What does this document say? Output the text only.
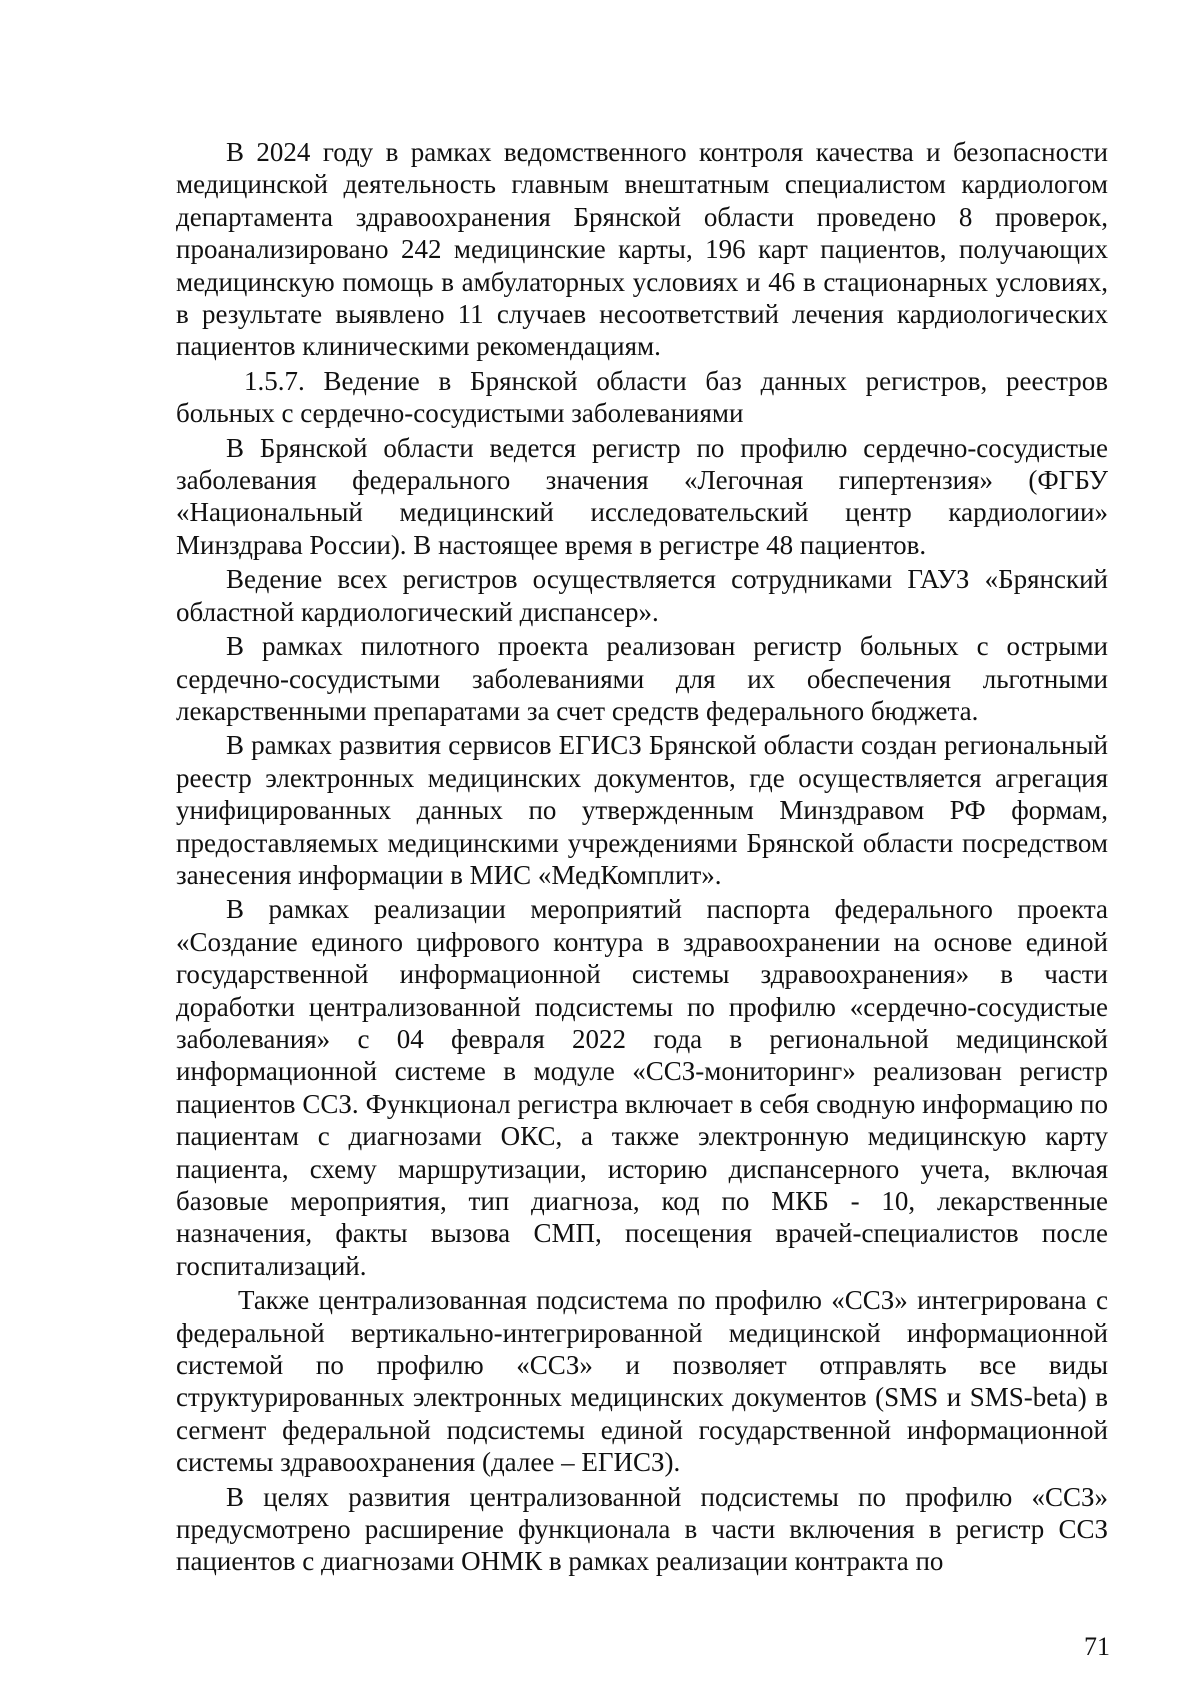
В 2024 году в рамках ведомственного контроля качества и безопасности медицинской деятельность главным внештатным специалистом кардиологом департамента здравоохранения Брянской области проведено 8 проверок, проанализировано 242 медицинские карты, 196 карт пациентов, получающих медицинскую помощь в амбулаторных условиях и 46 в стационарных условиях, в результате выявлено 11 случаев несоответствий лечения кардиологических пациентов клиническими рекомендациям.

1.5.7. Ведение в Брянской области баз данных регистров, реестров больных с сердечно-сосудистыми заболеваниями

В Брянской области ведется регистр по профилю сердечно-сосудистые заболевания федерального значения «Легочная гипертензия» (ФГБУ «Национальный медицинский исследовательский центр кардиологии» Минздрава России). В настоящее время в регистре 48 пациентов.

Ведение всех регистров осуществляется сотрудниками ГАУЗ «Брянский областной кардиологический диспансер».

В рамках пилотного проекта реализован регистр больных с острыми сердечно-сосудистыми заболеваниями для их обеспечения льготными лекарственными препаратами за счет средств федерального бюджета.

В рамках развития сервисов ЕГИСЗ Брянской области создан региональный реестр электронных медицинских документов, где осуществляется агрегация унифицированных данных по утвержденным Минздравом РФ формам, предоставляемых медицинскими учреждениями Брянской области посредством занесения информации в МИС «МедКомплит».

В рамках реализации мероприятий паспорта федерального проекта «Создание единого цифрового контура в здравоохранении на основе единой государственной информационной системы здравоохранения» в части доработки централизованной подсистемы по профилю «сердечно-сосудистые заболевания» с 04 февраля 2022 года в региональной медицинской информационной системе в модуле «ССЗ-мониторинг» реализован регистр пациентов ССЗ. Функционал регистра включает в себя сводную информацию по пациентам с диагнозами ОКС, а также электронную медицинскую карту пациента, схему маршрутизации, историю диспансерного учета, включая базовые мероприятия, тип диагноза, код по МКБ - 10, лекарственные назначения, факты вызова СМП, посещения врачей-специалистов после госпитализаций.

Также централизованная подсистема по профилю «ССЗ» интегрирована с федеральной вертикально-интегрированной медицинской информационной системой по профилю «ССЗ» и позволяет отправлять все виды структурированных электронных медицинских документов (SMS и SMS-beta) в сегмент федеральной подсистемы единой государственной информационной системы здравоохранения (далее – ЕГИСЗ).

В целях развития централизованной подсистемы по профилю «ССЗ» предусмотрено расширение функционала в части включения в регистр ССЗ пациентов с диагнозами ОНМК в рамках реализации контракта по

71
